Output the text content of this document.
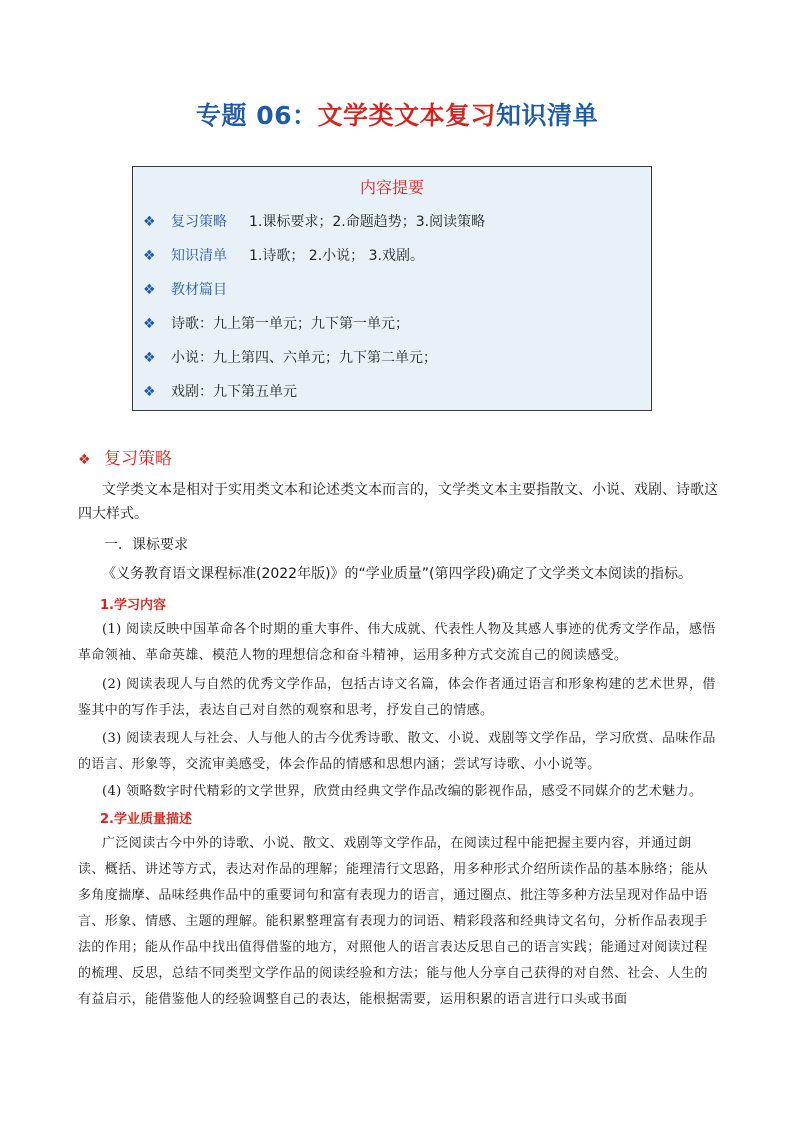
专题 06：文学类文本复习知识清单
内容提要
❖ 复习策略 1.课标要求；2.命题趋势；3.阅读策略
❖ 知识清单 1.诗歌； 2.小说； 3.戏剧。
❖ 教材篇目
❖ 诗歌：九上第一单元；九下第一单元；
❖ 小说：九上第四、六单元；九下第二单元；
❖ 戏剧：九下第五单元
❖ 复习策略
文学类文本是相对于实用类文本和论述类文本而言的，文学类文本主要指散文、小说、戏剧、诗歌这四大样式。
一．课标要求
《义务教育语文课程标准(2022年版)》的“学业质量”(第四学段)确定了文学类文本阅读的指标。
1.学习内容
(1) 阅读反映中国革命各个时期的重大事件、伟大成就、代表性人物及其感人事迹的优秀文学作品，感悟革命领袖、革命英雄、模范人物的理想信念和奋斗精神，运用多种方式交流自己的阅读感受。
(2) 阅读表现人与自然的优秀文学作品，包括古诗文名篇，体会作者通过语言和形象构建的艺术世界，借鉴其中的写作手法，表达自己对自然的观察和思考，抒发自己的情感。
(3) 阅读表现人与社会、人与他人的古今优秀诗歌、散文、小说、戏剧等文学作品，学习欣赏、品味作品的语言、形象等，交流审美感受，体会作品的情感和思想内涵；尝试写诗歌、小小说等。
(4) 领略数字时代精彩的文学世界，欣赏由经典文学作品改编的影视作品，感受不同媒介的艺术魅力。
2.学业质量描述
广泛阅读古今中外的诗歌、小说、散文、戏剧等文学作品，在阅读过程中能把握主要内容，并通过朗读、概括、讲述等方式，表达对作品的理解；能理清行文思路，用多种形式介绍所读作品的基本脉络；能从多角度揣摩、品味经典作品中的重要词句和富有表现力的语言，通过圈点、批注等多种方法呈现对作品中语言、形象、情感、主题的理解。能积累整理富有表现力的词语、精彩段落和经典诗文名句，分析作品表现手法的作用；能从作品中找出值得借鉴的地方，对照他人的语言表达反思自己的语言实践；能通过对阅读过程的梳理、反思，总结不同类型文学作品的阅读经验和方法；能与他人分享自己获得的对自然、社会、人生的有益启示，能借鉴他人的经验调整自己的表达，能根据需要，运用积累的语言进行口头或书面
